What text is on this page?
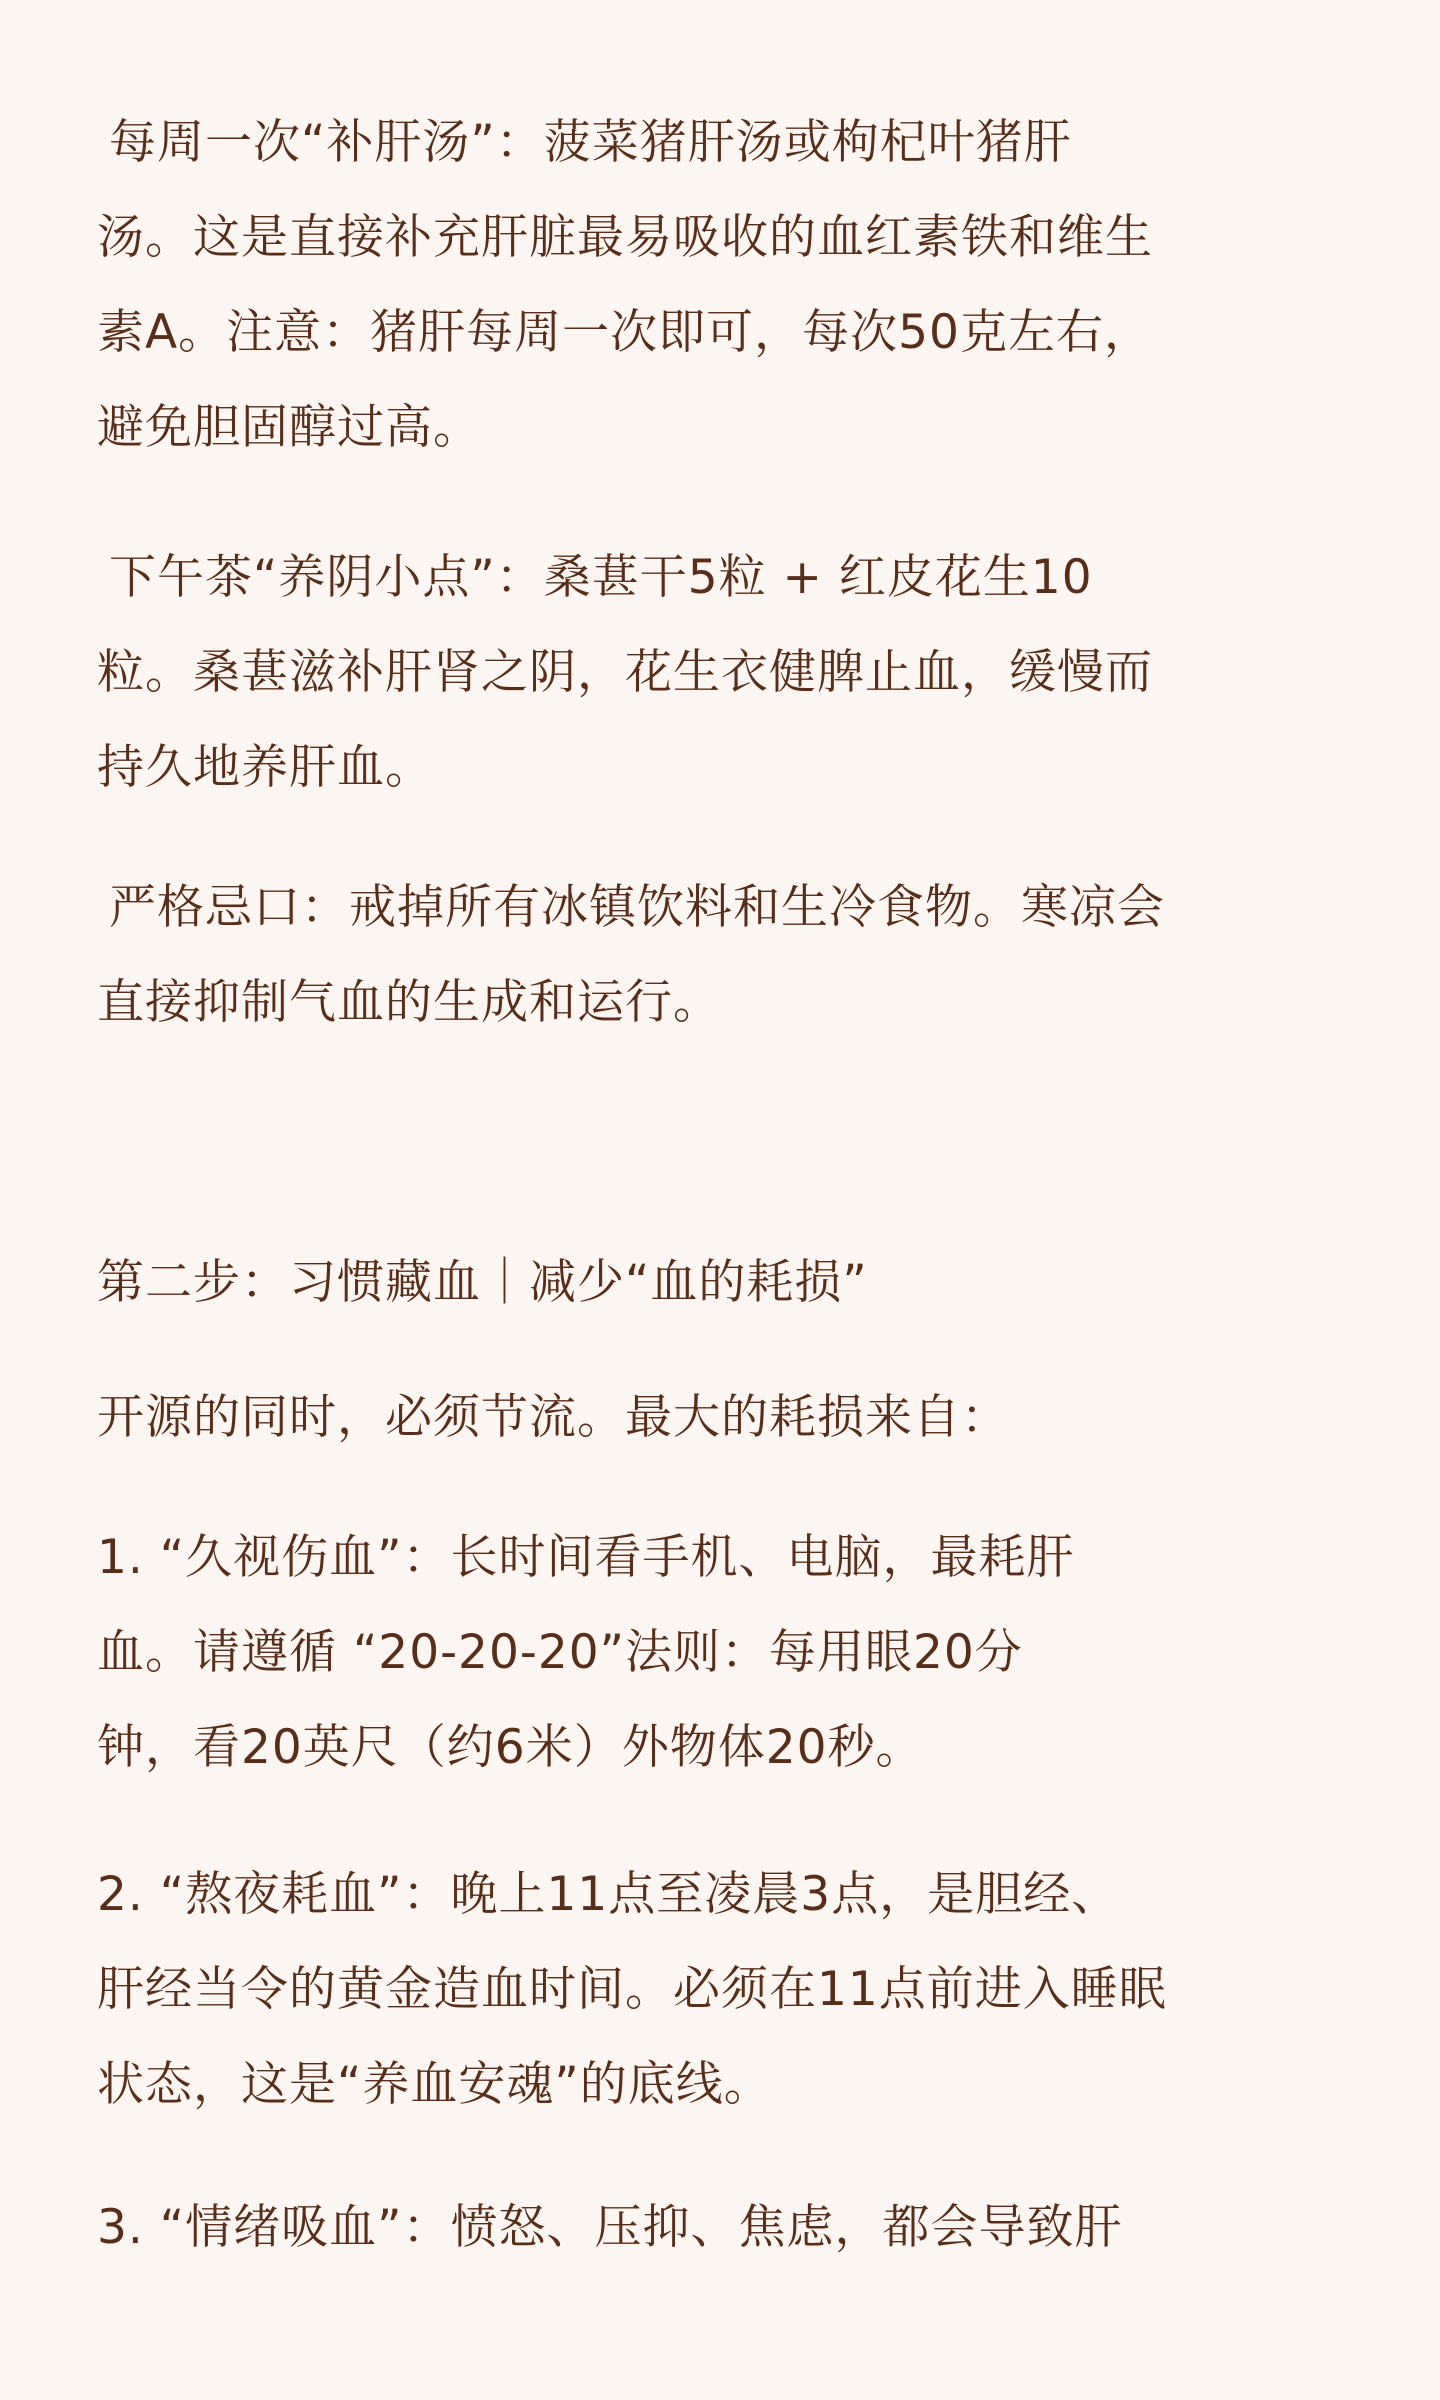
每周一次“补肝汤”：菠菜猪肝汤或枸杞叶猪肝
汤。这是直接补充肝脏最易吸收的血红素铁和维生
素A。注意：猪肝每周一次即可，每次50克左右，
避免胆固醇过高。

下午茶“养阴小点”：桑葚干5粒 + 红皮花生10
粒。桑葚滋补肝肾之阴，花生衣健脾止血，缓慢而
持久地养肝血。

严格忌口：戒掉所有冰镇饮料和生冷食物。寒凉会
直接抑制气血的生成和运行。

第二步：习惯藏血｜减少“血的耗损”

开源的同时，必须节流。最大的耗损来自：

1. “久视伤血”：长时间看手机、电脑，最耗肝
血。请遵循 “20-20-20”法则：每用眼20分
钟，看20英尺（约6米）外物体20秒。

2. “熬夜耗血”：晚上11点至凌晨3点，是胆经、
肝经当令的黄金造血时间。必须在11点前进入睡眠
状态，这是“养血安魂”的底线。

3. “情绪吸血”：愤怒、压抑、焦虑，都会导致肝
